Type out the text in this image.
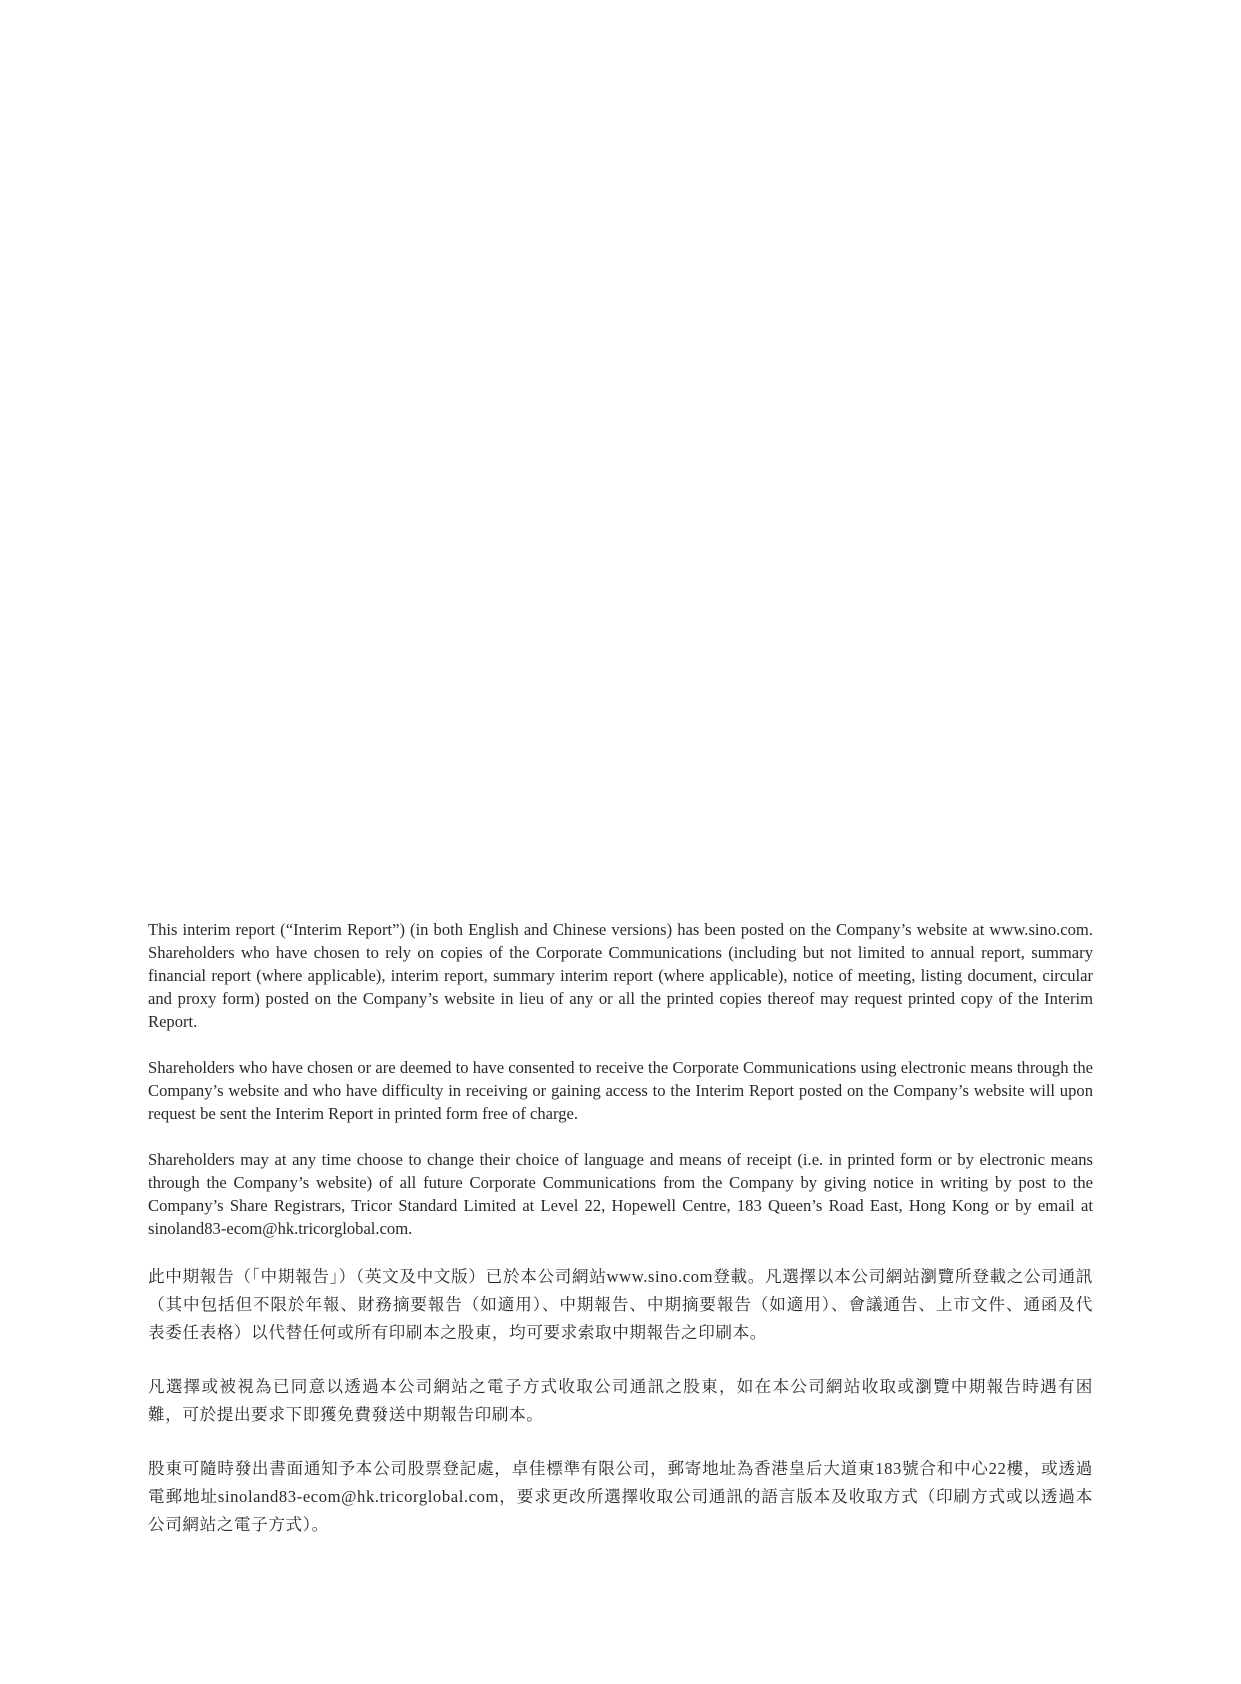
This interim report (“Interim Report”) (in both English and Chinese versions) has been posted on the Company’s website at www.sino.com. Shareholders who have chosen to rely on copies of the Corporate Communications (including but not limited to annual report, summary financial report (where applicable), interim report, summary interim report (where applicable), notice of meeting, listing document, circular and proxy form) posted on the Company’s website in lieu of any or all the printed copies thereof may request printed copy of the Interim Report.

Shareholders who have chosen or are deemed to have consented to receive the Corporate Communications using electronic means through the Company’s website and who have difficulty in receiving or gaining access to the Interim Report posted on the Company’s website will upon request be sent the Interim Report in printed form free of charge.

Shareholders may at any time choose to change their choice of language and means of receipt (i.e. in printed form or by electronic means through the Company’s website) of all future Corporate Communications from the Company by giving notice in writing by post to the Company’s Share Registrars, Tricor Standard Limited at Level 22, Hopewell Centre, 183 Queen’s Road East, Hong Kong or by email at sinoland83-ecom@hk.tricorglobal.com.

此中期報告（「中期報告」）（英文及中文版）已於本公司網站www.sino.com登載。凡選擇以本公司網站瀏覽所登載之公司通訊（其中包括但不限於年報、財務摘要報告（如適用）、中期報告、中期摘要報告（如適用）、會議通告、上市文件、通函及代表委任表格）以代替任何或所有印刷本之股東，均可要求索取中期報告之印刷本。

凡選擇或被視為已同意以透過本公司網站之電子方式收取公司通訊之股東，如在本公司網站收取或瀏覽中期報告時遇有困難，可於提出要求下即獲免費發送中期報告印刷本。

股東可隨時發出書面通知予本公司股票登記處，卓佳標準有限公司，郵寄地址為香港皇后大道東183號合和中心22樓，或透過電郵地址sinoland83-ecom@hk.tricorglobal.com，要求更改所選擇收取公司通訊的語言版本及收取方式（印刷方式或以透過本公司網站之電子方式）。
